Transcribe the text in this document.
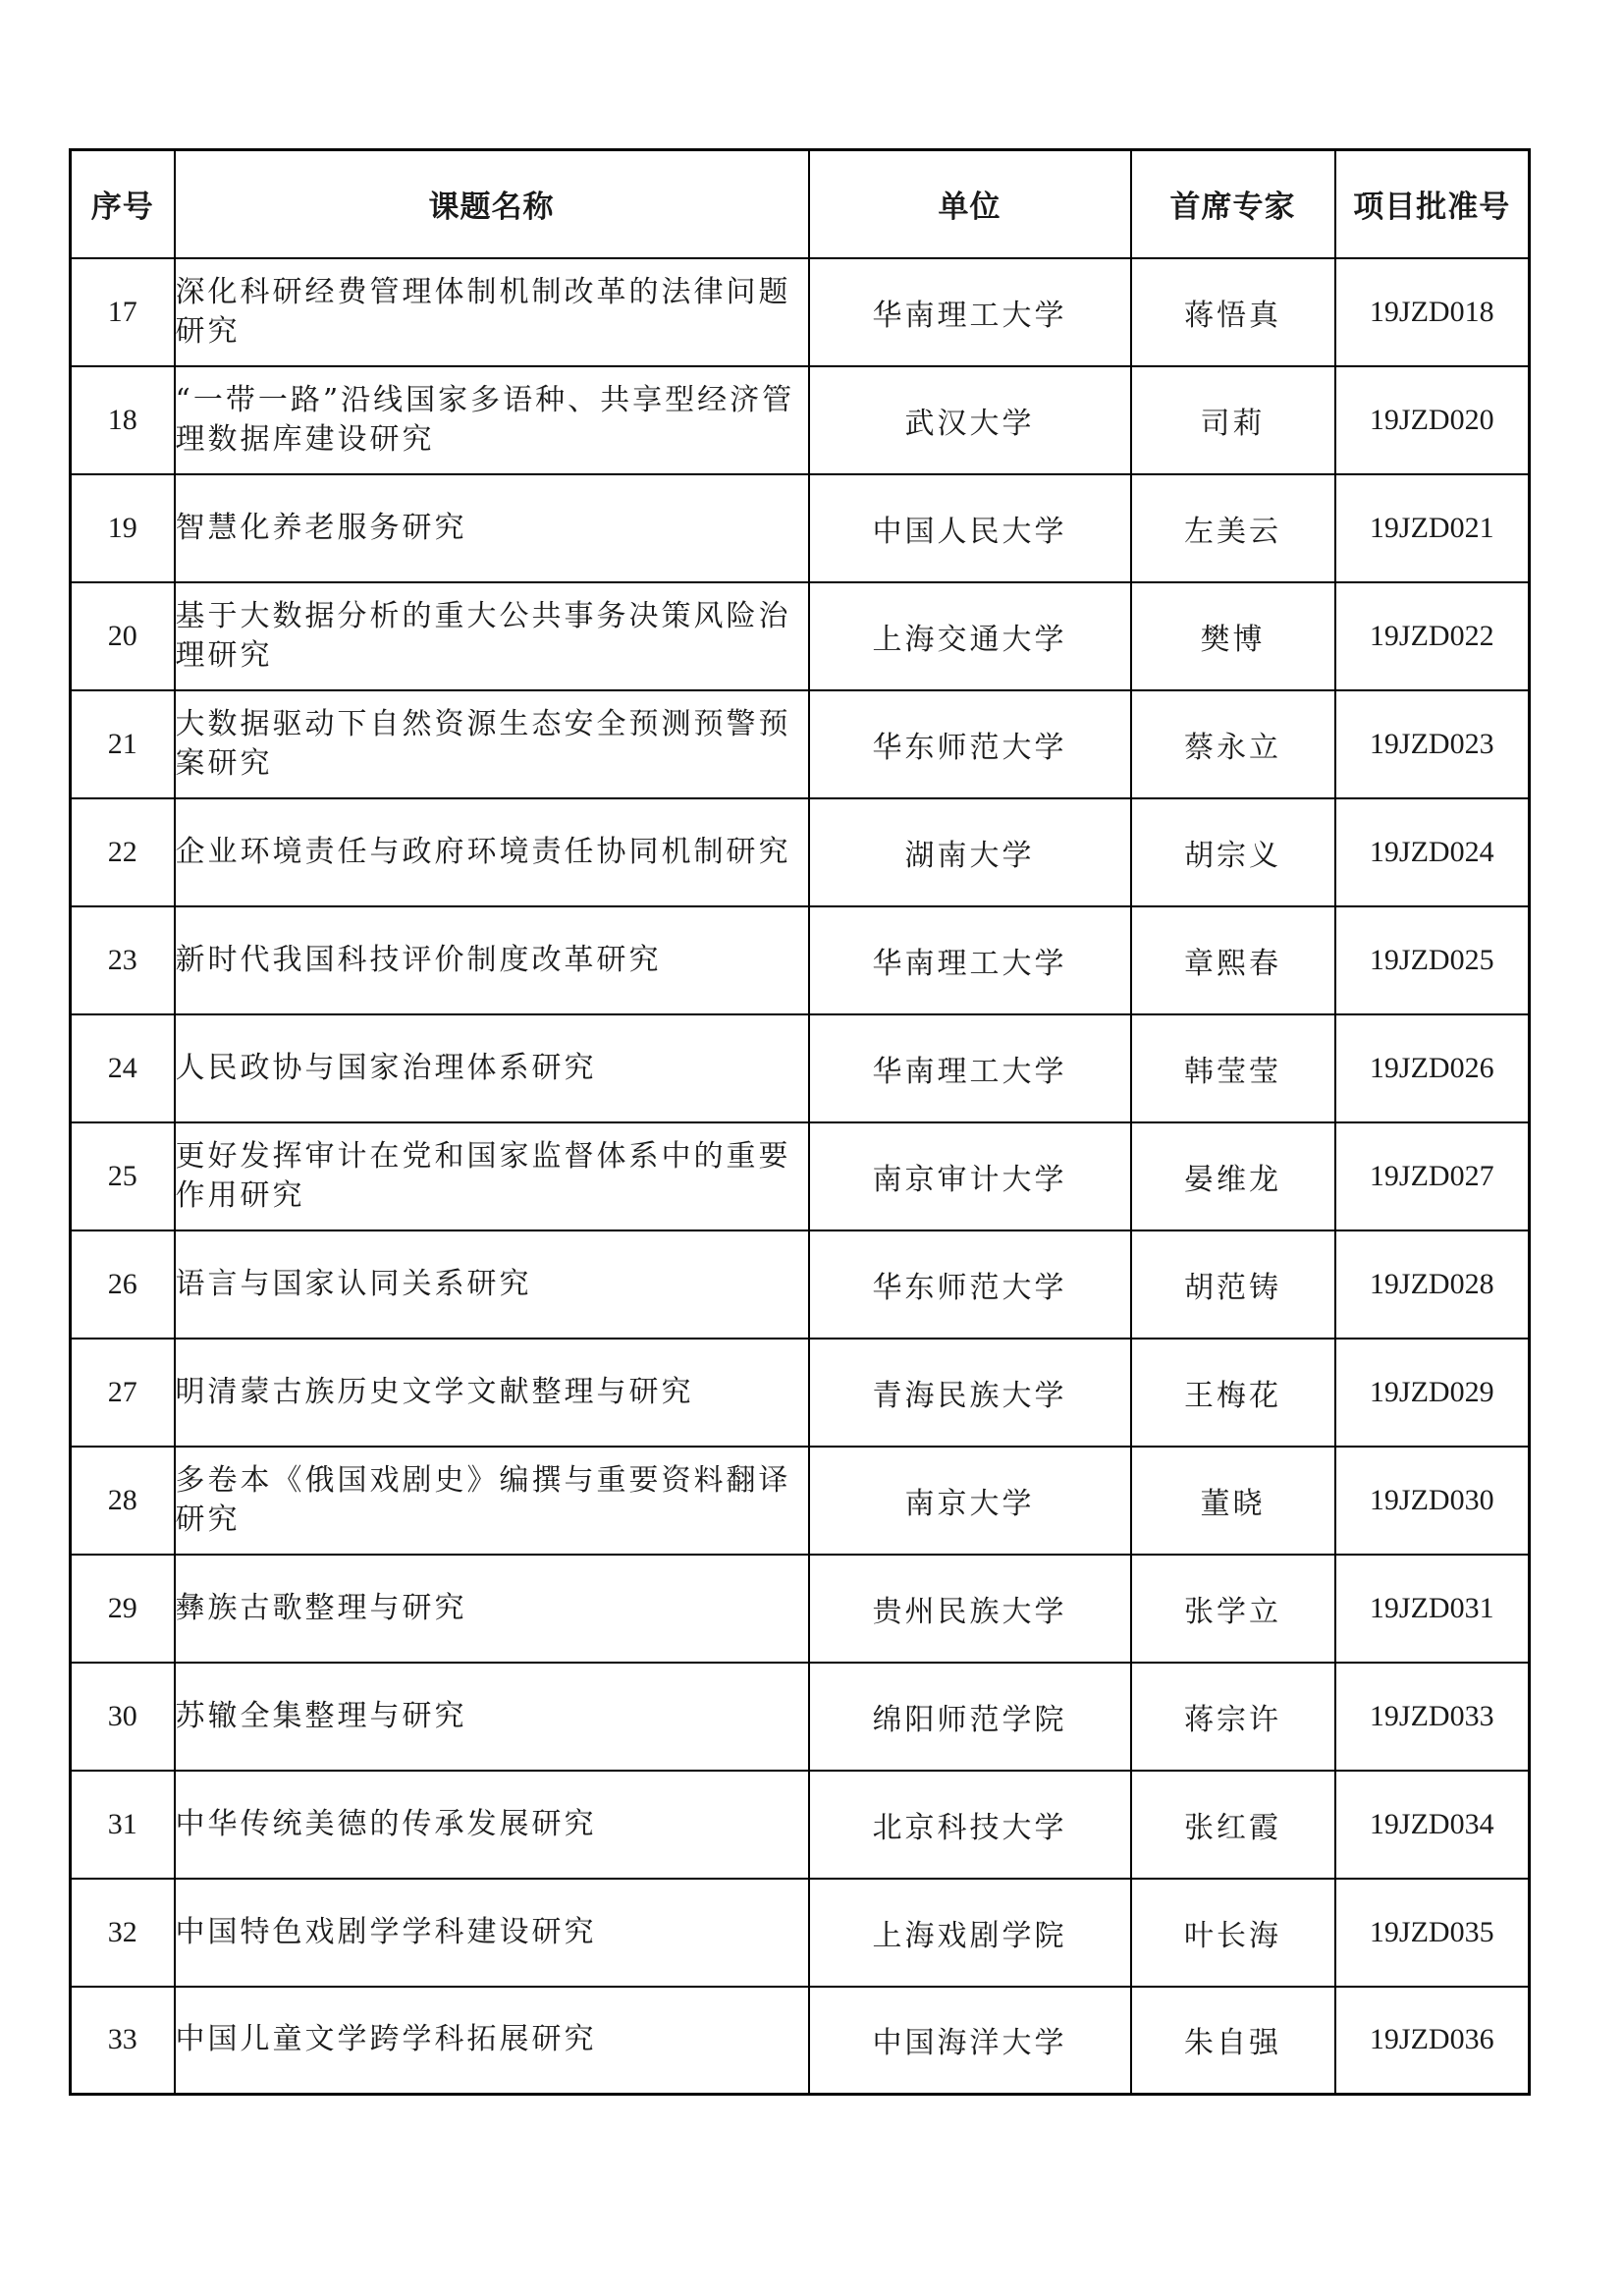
序号	课题名称	单位	首席专家	项目批准号
17	深化科研经费管理体制机制改革的法律问题研究	华南理工大学	蒋悟真	19JZD018
18	“一带一路”沿线国家多语种、共享型经济管理数据库建设研究	武汉大学	司莉	19JZD020
19	智慧化养老服务研究	中国人民大学	左美云	19JZD021
20	基于大数据分析的重大公共事务决策风险治理研究	上海交通大学	樊博	19JZD022
21	大数据驱动下自然资源生态安全预测预警预案研究	华东师范大学	蔡永立	19JZD023
22	企业环境责任与政府环境责任协同机制研究	湖南大学	胡宗义	19JZD024
23	新时代我国科技评价制度改革研究	华南理工大学	章熙春	19JZD025
24	人民政协与国家治理体系研究	华南理工大学	韩莹莹	19JZD026
25	更好发挥审计在党和国家监督体系中的重要作用研究	南京审计大学	晏维龙	19JZD027
26	语言与国家认同关系研究	华东师范大学	胡范铸	19JZD028
27	明清蒙古族历史文学文献整理与研究	青海民族大学	王梅花	19JZD029
28	多卷本《俄国戏剧史》编撰与重要资料翻译研究	南京大学	董晓	19JZD030
29	彝族古歌整理与研究	贵州民族大学	张学立	19JZD031
30	苏辙全集整理与研究	绵阳师范学院	蒋宗许	19JZD033
31	中华传统美德的传承发展研究	北京科技大学	张红霞	19JZD034
32	中国特色戏剧学学科建设研究	上海戏剧学院	叶长海	19JZD035
33	中国儿童文学跨学科拓展研究	中国海洋大学	朱自强	19JZD036
